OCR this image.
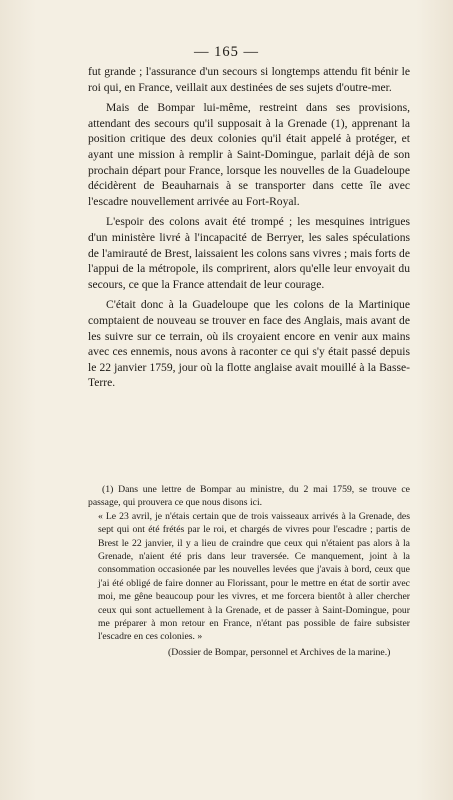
— 165 —

fut grande ; l'assurance d'un secours si longtemps attendu fit bénir le roi qui, en France, veillait aux destinées de ses sujets d'outre-mer.

Mais de Bompar lui-même, restreint dans ses provisions, attendant des secours qu'il supposait à la Grenade (1), apprenant la position critique des deux colonies qu'il était appelé à protéger, et ayant une mission à remplir à Saint-Domingue, parlait déjà de son prochain départ pour France, lorsque les nouvelles de la Guadeloupe décidèrent de Beauharnais à se transporter dans cette île avec l'escadre nouvellement arrivée au Fort-Royal.

L'espoir des colons avait été trompé ; les mesquines intrigues d'un ministère livré à l'incapacité de Berryer, les sales spéculations de l'amirauté de Brest, laissaient les colons sans vivres ; mais forts de l'appui de la métropole, ils comprirent, alors qu'elle leur envoyait du secours, ce que la France attendait de leur courage.

C'était donc à la Guadeloupe que les colons de la Martinique comptaient de nouveau se trouver en face des Anglais, mais avant de les suivre sur ce terrain, où ils croyaient encore en venir aux mains avec ces ennemis, nous avons à raconter ce qui s'y était passé depuis le 22 janvier 1759, jour où la flotte anglaise avait mouillé à la Basse-Terre.

(1) Dans une lettre de Bompar au ministre, du 2 mai 1759, se trouve ce passage, qui prouvera ce que nous disons ici.

« Le 23 avril, je n'étais certain que de trois vaisseaux arrivés à la Grenade, des sept qui ont été frétés par le roi, et chargés de vivres pour l'escadre ; partis de Brest le 22 janvier, il y a lieu de craindre que ceux qui n'étaient pas alors à la Grenade, n'aient été pris dans leur traversée. Ce manquement, joint à la consommation occasionée par les nouvelles levées que j'avais à bord, ceux que j'ai été obligé de faire donner au Florissant, pour le mettre en état de sortir avec moi, me gêne beaucoup pour les vivres, et me forcera bientôt à aller chercher ceux qui sont actuellement à la Grenade, et de passer à Saint-Domingue, pour me préparer à mon retour en France, n'étant pas possible de faire subsister l'escadre en ces colonies. »

(Dossier de Bompar, personnel et Archives de la marine.)
